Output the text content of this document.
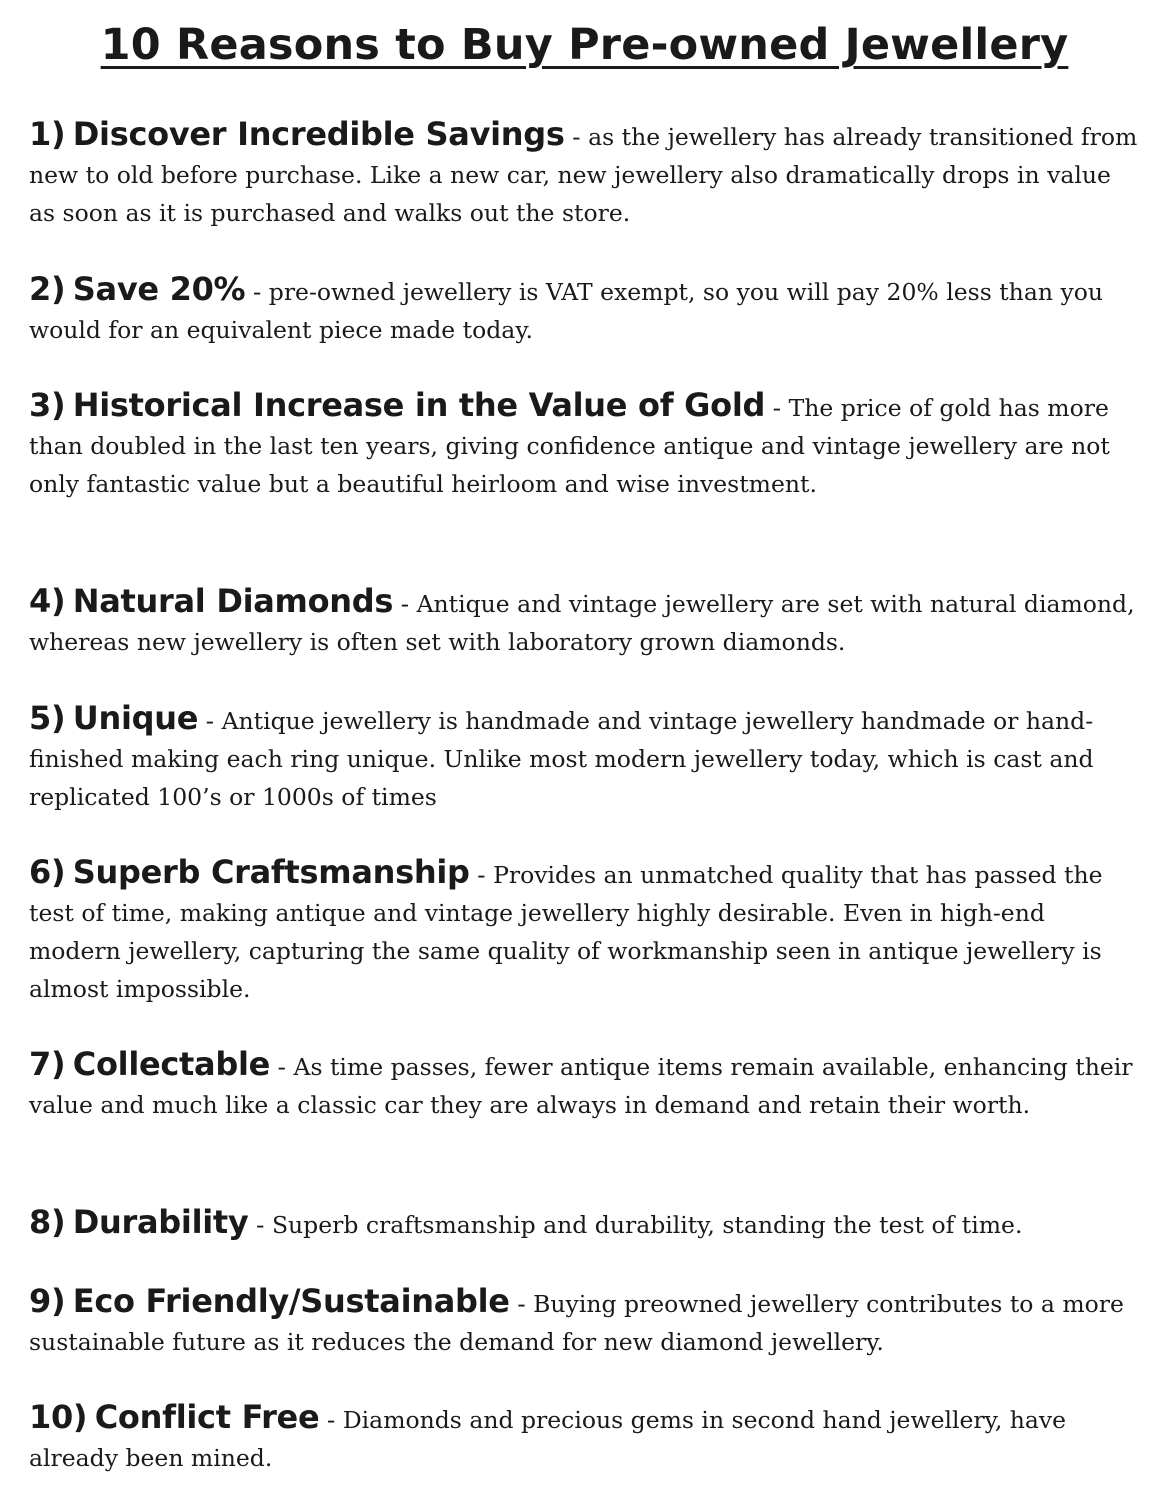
10 Reasons to Buy Pre-owned Jewellery
1) Discover Incredible Savings - as the jewellery has already transitioned from new to old before purchase. Like a new car, new jewellery also dramatically drops in value as soon as it is purchased and walks out the store.
2) Save 20% - pre-owned jewellery is VAT exempt, so you will pay 20% less than you would for an equivalent piece made today.
3) Historical Increase in the Value of Gold - The price of gold has more than doubled in the last ten years, giving confidence antique and vintage jewellery are not only fantastic value but a beautiful heirloom and wise investment.
4) Natural Diamonds - Antique and vintage jewellery are set with natural diamond, whereas new jewellery is often set with laboratory grown diamonds.
5) Unique - Antique jewellery is handmade and vintage jewellery handmade or hand-finished making each ring unique. Unlike most modern jewellery today, which is cast and replicated 100’s or 1000s of times
6) Superb Craftsmanship - Provides an unmatched quality that has passed the test of time, making antique and vintage jewellery highly desirable. Even in high-end modern jewellery, capturing the same quality of workmanship seen in antique jewellery is almost impossible.
7) Collectable - As time passes, fewer antique items remain available, enhancing their value and much like a classic car they are always in demand and retain their worth.
8) Durability - Superb craftsmanship and durability, standing the test of time.
9) Eco Friendly/Sustainable - Buying preowned jewellery contributes to a more sustainable future as it reduces the demand for new diamond jewellery.
10) Conflict Free - Diamonds and precious gems in second hand jewellery, have already been mined.
